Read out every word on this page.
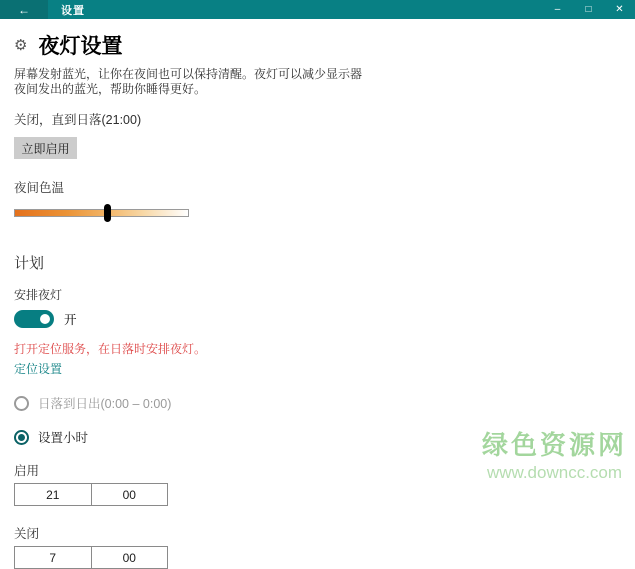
←	设置	–	□ ✕
⚙ 夜灯设置
屏幕发射蓝光，让你在夜间也可以保持清醒。夜灯可以减少显示器
夜间发出的蓝光，帮助你睡得更好。
关闭，直到日落(21:00)
立即启用
夜间色温
计划
安排夜灯
开
打开定位服务，在日落时安排夜灯。
定位设置
日落到日出(0:00 – 0:00)
设置小时
启用
21	00
关闭
7	00
绿色资源网
www.downcc.com
